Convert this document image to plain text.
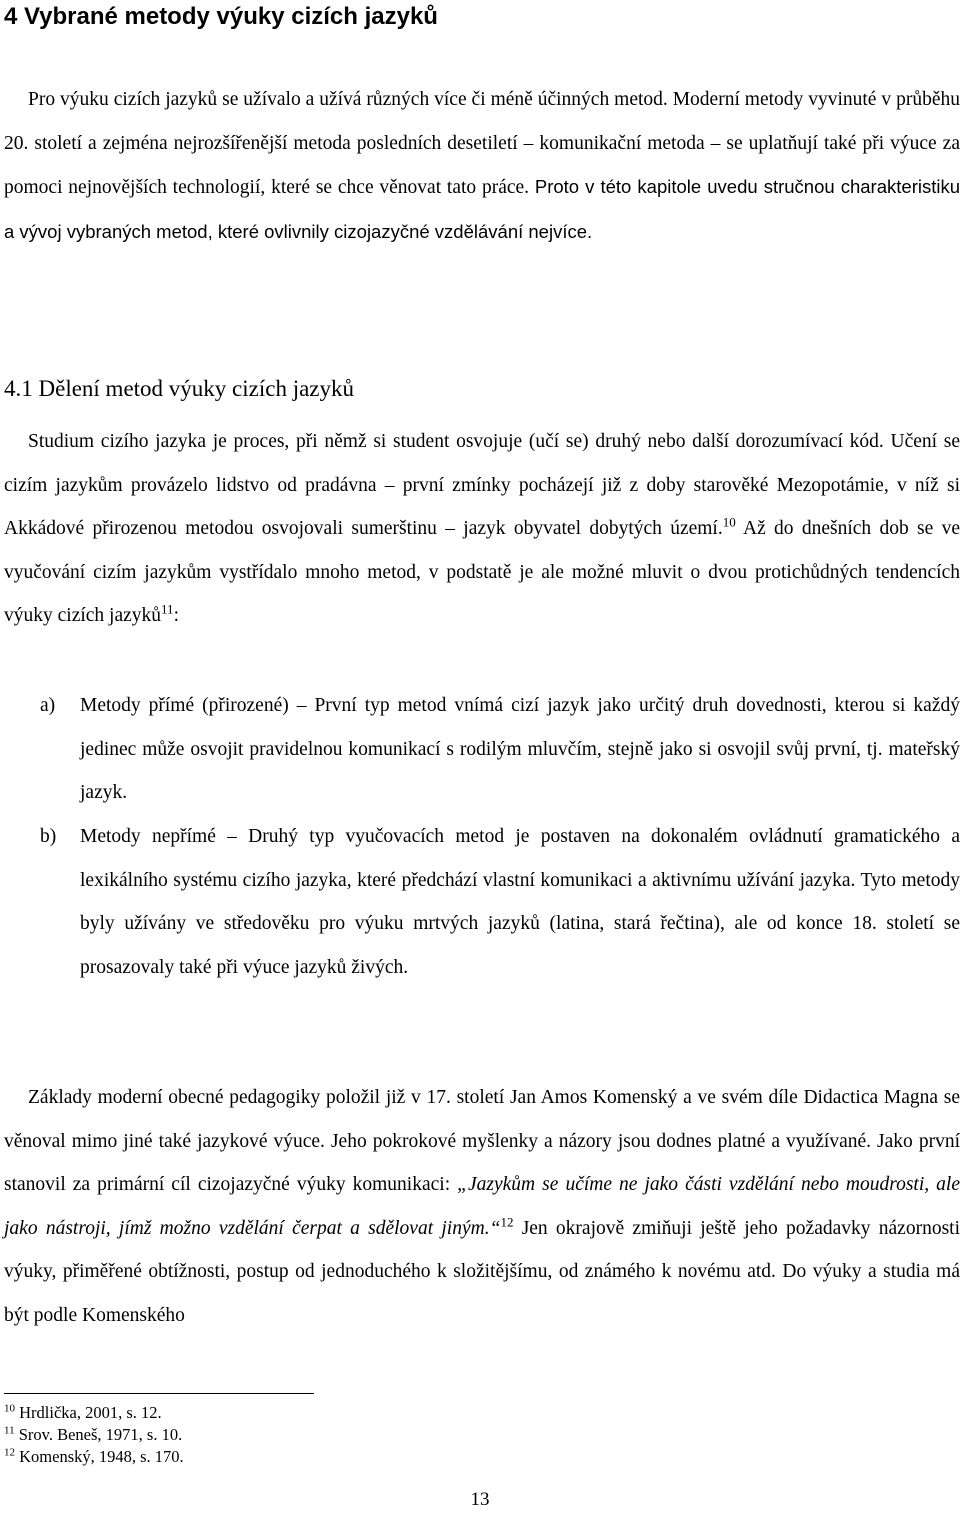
4 Vybrané metody výuky cizích jazyků

Pro výuku cizích jazyků se užívalo a užívá různých více či méně účinných metod. Moderní metody vyvinuté v průběhu 20. století a zejména nejrozšířenější metoda posledních desetiletí – komunikační metoda – se uplatňují také při výuce za pomoci nejnovějších technologií, které se chce věnovat tato práce. Proto v této kapitole uvedu stručnou charakteristiku a vývoj vybraných metod, které ovlivnily cizojazyčné vzdělávání nejvíce.

4.1 Dělení metod výuky cizích jazyků

Studium cizího jazyka je proces, při němž si student osvojuje (učí se) druhý nebo další dorozumívací kód. Učení se cizím jazykům provázelo lidstvo od pradávna – první zmínky pocházejí již z doby starověké Mezopotámie, v níž si Akkádové přirozenou metodou osvojovali sumerštinu – jazyk obyvatel dobytých území.$^{10}$ Až do dnešních dob se ve vyučování cizím jazykům vystřídalo mnoho metod, v podstatě je ale možné mluvit o dvou protichůdných tendencích výuky cizích jazyků$^{11}$:

a) Metody přímé (přirozené) – První typ metod vnímá cizí jazyk jako určitý druh dovednosti, kterou si každý jedinec může osvojit pravidelnou komunikací s rodilým mluvčím, stejně jako si osvojil svůj první, tj. mateřský jazyk.
b) Metody nepřímé – Druhý typ vyučovacích metod je postaven na dokonalém ovládnutí gramatického a lexikálního systému cizího jazyka, které předchází vlastní komunikaci a aktivnímu užívání jazyka. Tyto metody byly užívány ve středověku pro výuku mrtvých jazyků (latina, stará řečtina), ale od konce 18. století se prosazovaly také při výuce jazyků živých.

Základy moderní obecné pedagogiky položil již v 17. století Jan Amos Komenský a ve svém díle Didactica Magna se věnoval mimo jiné také jazykové výuce. Jeho pokrokové myšlenky a názory jsou dodnes platné a využívané. Jako první stanovil za primární cíl cizojazyčné výuky komunikaci: „Jazykům se učíme ne jako části vzdělání nebo moudrosti, ale jako nástroji, jímž možno vzdělání čerpat a sdělovat jiným.“$^{12}$ Jen okrajově zmiňuji ještě jeho požadavky názornosti výuky, přiměřené obtížnosti, postup od jednoduchého k složitějšímu, od známého k novému atd. Do výuky a studia má být podle Komenského

$^{10}$ Hrdlička, 2001, s. 12.
$^{11}$ Srov. Beneš, 1971, s. 10.
$^{12}$ Komenský, 1948, s. 170.
13
